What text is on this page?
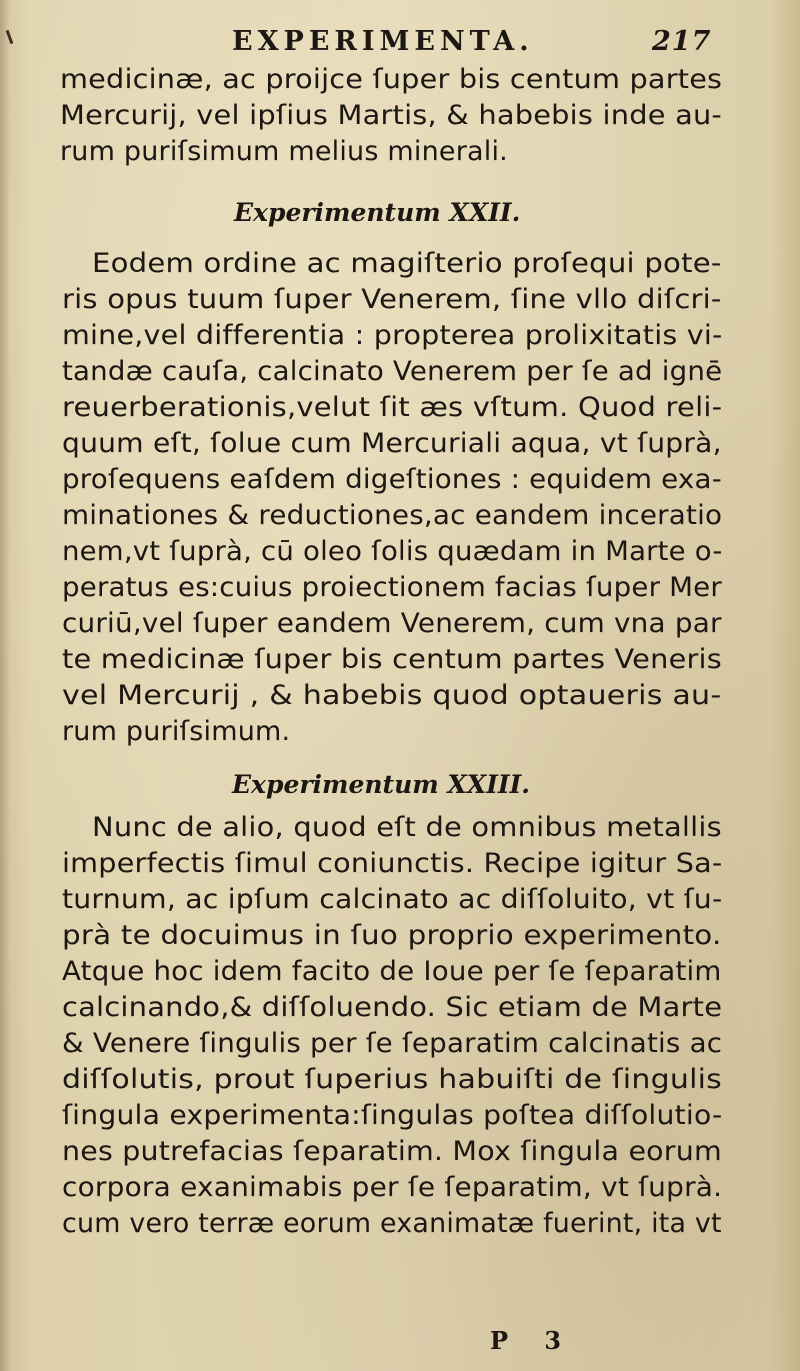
EXPERIMENTA.	217
medicinæ, ac proijce ſuper bis centum partes
Mercurij, vel ipſius Martis, & habebis inde au-
rum puriſsimum melius minerali.
Experimentum XXII.
Eodem ordine ac magiſterio proſequi pote-
ris opus tuum ſuper Venerem, ſine vllo diſcri-
mine,vel differentia : propterea prolixitatis vi-
tandæ cauſa, calcinato Venerem per ſe ad ignē
reuerberationis,velut ſit æs vſtum. Quod reli-
quum eſt, ſolue cum Mercuriali aqua, vt ſuprà,
proſequens eaſdem digeſtiones : equidem exa-
minationes & reductiones,ac eandem inceratio
nem,vt ſuprà, cū oleo ſolis quædam in Marte o-
peratus es:cuius proiectionem facias ſuper Mer
curiū,vel ſuper eandem Venerem, cum vna par
te medicinæ ſuper bis centum partes Veneris
vel Mercurij , & habebis quod optaueris au-
rum puriſsimum.
Experimentum XXIII.
Nunc de alio, quod eſt de omnibus metallis
imperfectis ſimul coniunctis. Recipe igitur Sa-
turnum, ac ipſum calcinato ac diſſoluito, vt ſu-
prà te docuimus in ſuo proprio experimento.
Atque hoc idem facito de Ioue per ſe ſeparatim
calcinando,& diſſoluendo. Sic etiam de Marte
& Venere ſingulis per ſe ſeparatim calcinatis ac
diſſolutis, prout ſuperius habuiſti de ſingulis
ſingula experimenta:ſingulas poſtea diſſolutio-
nes putrefacias ſeparatim. Mox ſingula eorum
corpora exanimabis per ſe ſeparatim, vt ſuprà.
cum vero terræ eorum exanimatæ fuerint, ita vt
P 3
